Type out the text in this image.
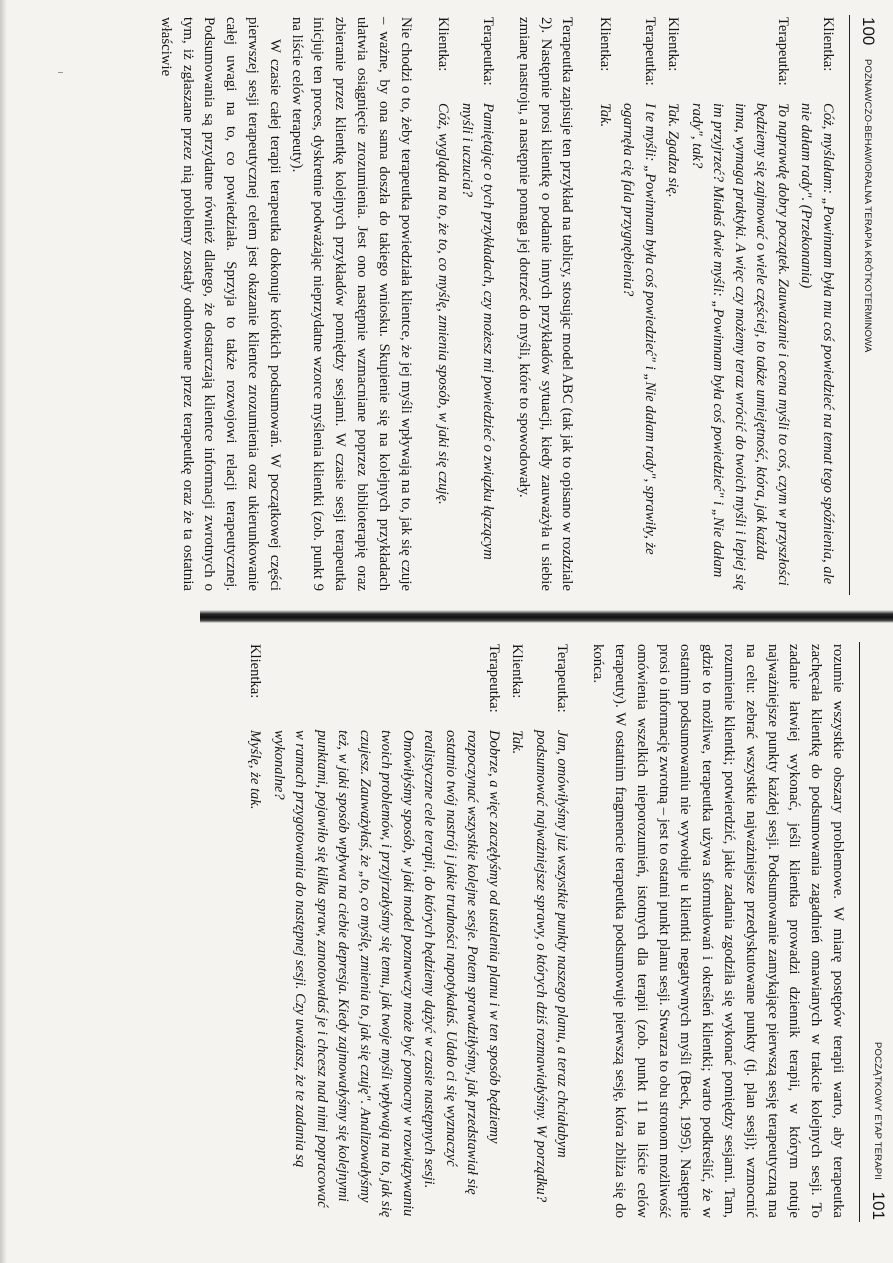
100
POZNAWCZO-BEHAWIORALNA TERAPIA KRÓTKOTERMINOWA
Klientka:
Cóż, myślałam: „Powinnam była mu coś powiedzieć na temat tego spóźnienia, ale nie dałam rady". (Przekonania)
Terapeutka:
To naprawdę dobry początek. Zauważanie i ocena myśli to coś, czym w przyszłości będziemy się zajmować o wiele częściej, to także umiejętność, która, jak każda inna, wymaga praktyki. A więc czy możemy teraz wrócić do twoich myśli i lepiej się im przyjrzeć? Miałaś dwie myśli: „Powinnam była coś powiedzieć" i „Nie dałam rady", tak?
Klientka:
Tak. Zgadza się.
Terapeutka:
I te myśli: „Powinnam była coś powiedzieć" i „Nie dałam rady", sprawiły, że ogarnęła cię fala przygnębienia?
Klientka:
Tak.

Terapeutka zapisuje ten przykład na tablicy, stosując model ABC (tak jak to opisano w rozdziale 2). Następnie prosi klientkę o podanie innych przykładów sytuacji, kiedy zauważyła u siebie zmianę nastroju, a następnie pomaga jej dotrzeć do myśli, które to spowodowały.

Terapeutka:
Pamiętając o tych przykładach, czy możesz mi powiedzieć o związku łączącym myśli i uczucia?
Klientka:
Cóż, wygląda na to, że to, co myślę, zmienia sposób, w jaki się czuję.

Nie chodzi o to, żeby terapeutka powiedziała klientce, że jej myśli wpływają na to, jak się czuje – ważne, by ona sama doszła do takiego wniosku. Skupienie się na kolejnych przykładach ułatwia osiągnięcie zrozumienia. Jest ono następnie wzmacniane poprzez biblioterapię oraz zbieranie przez klientkę kolejnych przykładów pomiędzy sesjami. W czasie sesji terapeutka inicjuje ten proces, dyskretnie podważając nieprzydatne wzorce myślenia klientki (zob. punkt 9 na liście celów terapeuty).

W czasie całej terapii terapeutka dokonuje krótkich podsumowań. W początkowej części pierwszej sesji terapeutycznej celem jest okazanie klientce zrozumienia oraz ukierunkowanie całej uwagi na to, co powiedziała. Sprzyja to także rozwojowi relacji terapeutycznej. Podsumowania są przydatne również dlatego, że dostarczają klientce informacji zwrotnych o tym, iż zgłaszane przez nią problemy zostały odnotowane przez terapeutkę oraz że ta ostatnia właściwie

POCZĄTKOWY ETAP TERAPII
101

rozumie wszystkie obszary problemowe. W miarę postępów terapii warto, aby terapeutka zachęcała klientkę do podsumowania zagadnień omawianych w trakcie kolejnych sesji. To zadanie łatwiej wykonać, jeśli klientka prowadzi dziennik terapii, w którym notuje najważniejsze punkty każdej sesji. Podsumowanie zamykające pierwszą sesję terapeutyczną ma na celu: zebrać wszystkie najważniejsze przedyskutowane punkty (tj. plan sesji); wzmocnić rozumienie klientki; potwierdzić, jakie zadania zgodziła się wykonać pomiędzy sesjami. Tam, gdzie to możliwe, terapeutka używa sformułowań i określeń klientki; warto podkreślić, że w ostatnim podsumowaniu nie wywołuje u klientki negatywnych myśli (Beck, 1995). Następnie prosi o informację zwrotną – jest to ostatni punkt planu sesji. Stwarza to obu stronom możliwość omówienia wszelkich nieporozumień, istotnych dla terapii (zob. punkt 11 na liście celów terapeuty). W ostatnim fragmencie terapeutka podsumowuje pierwszą sesję, która zbliża się do końca.

Terapeutka:
Jan, omówiłyśmy już wszystkie punkty naszego planu, a teraz chciałabym podsumować najważniejsze sprawy, o których dziś rozmawiałyśmy. W porządku?
Klientka:
Tak.
Terapeutka:
Dobrze, a więc zaczęłyśmy od ustalenia planu i w ten sposób będziemy rozpoczynać wszystkie kolejne sesje. Potem sprawdziłyśmy, jak przedstawiał się ostatnio twój nastrój i jakie trudności napotykałaś. Udało ci się wyznaczyć realistyczne cele terapii, do których będziemy dążyć w czasie następnych sesji. Omówiłyśmy sposób, w jaki model poznawczy może być pomocny w rozwiązywaniu twoich problemów, i przyjrzałyśmy się temu, jak twoje myśli wpływają na to, jak się czujesz. Zauważyłaś, że „to, co myślę, zmienia to, jak się czuję". Analizowałyśmy też, w jaki sposób wpływa na ciebie depresja. Kiedy zajmowałyśmy się kolejnymi punktami, pojawiło się kilka spraw, zanotowałaś je i chcesz nad nimi popracować w ramach przygotowania do następnej sesji. Czy uważasz, że te zadania są wykonalne?
Klientka:
Myślę, że tak.
